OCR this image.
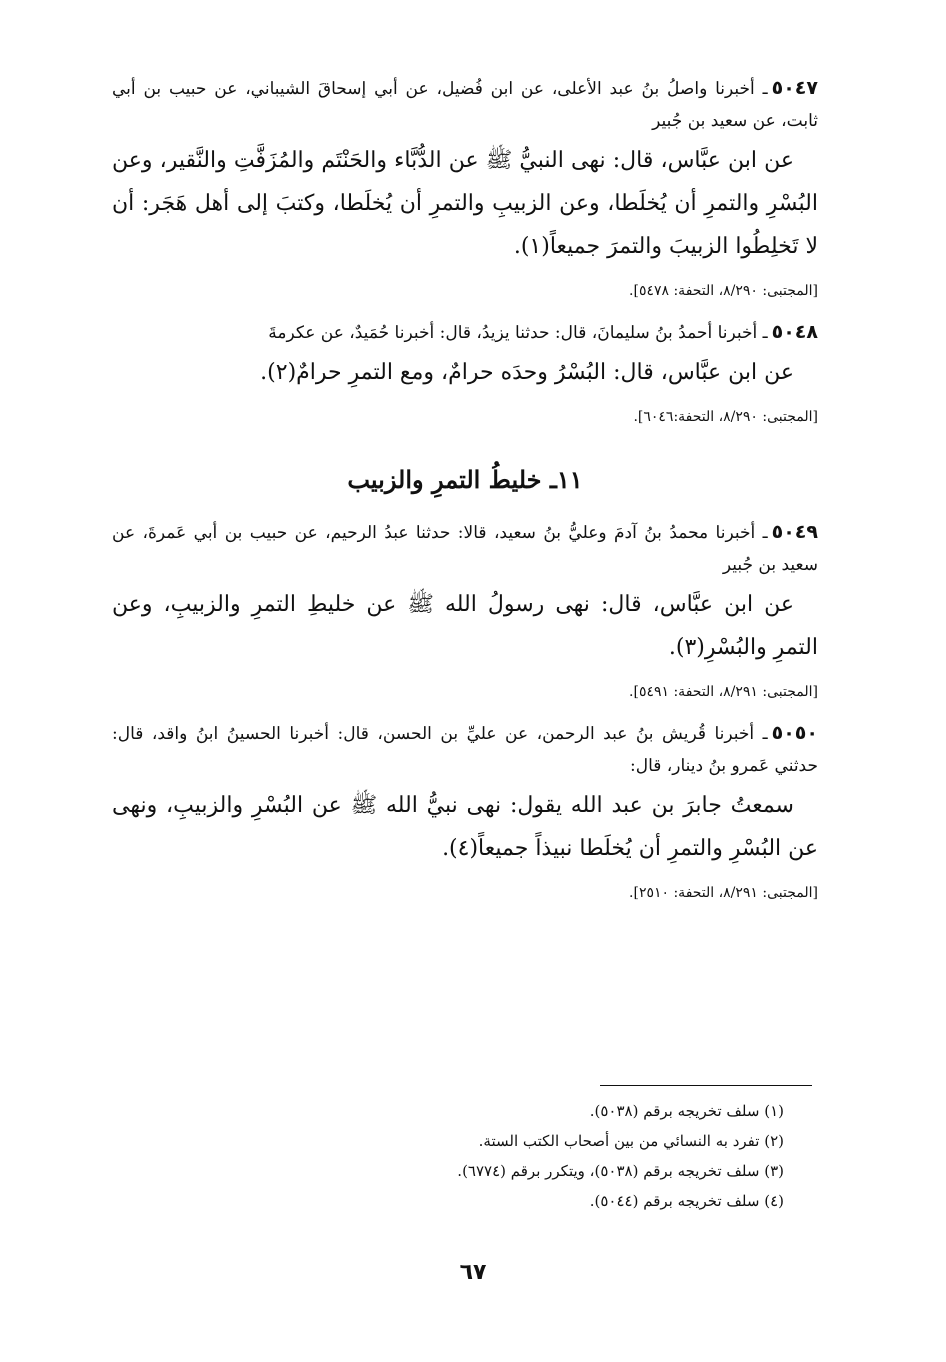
٥٠٤٧ـ أخبرنا واصلُ بنُ عبد الأعلى، عن ابن فُضيل، عن أبي إسحاقَ الشيباني، عن حبيب بن أبي ثابت، عن سعيد بن جُبير

عن ابن عبَّاس، قال: نهى النبيُّ ﷺ عن الدُّبَّاء والحَنْتَم والمُزَفَّتِ والنَّقير، وعن البُسْرِ والتمرِ أن يُخلَطا، وعن الزبيبِ والتمرِ أن يُخلَطا، وكتبَ إلى أهل هَجَر: أن لا تَخلِطُوا الزبيبَ والتمرَ جميعاً(١).

[المجتبى: ٨/٢٩٠، التحفة: ٥٤٧٨].

٥٠٤٨ـ أخبرنا أحمدُ بنُ سليمانَ، قال: حدثنا يزيدُ، قال: أخبرنا حُمَيدٌ، عن عكرمةَ

عن ابن عبَّاس، قال: البُسْرُ وحدَه حرامٌ، ومع التمرِ حرامٌ(٢).

[المجتبى: ٨/٢٩٠، التحفة:٦٠٤٦].

١١ـ خليطُ التمرِ والزبيب

٥٠٤٩ـ أخبرنا محمدُ بنُ آدمَ وعليُّ بنُ سعيد، قالا: حدثنا عبدُ الرحيم، عن حبيب بن أبي عَمرةَ، عن سعيد بن جُبير

عن ابن عبَّاس، قال: نهى رسولُ الله ﷺ عن خليطِ التمرِ والزبيبِ، وعن التمرِ والبُسْرِ(٣).

[المجتبى: ٨/٢٩١، التحفة: ٥٤٩١].

٥٠٥٠ـ أخبرنا قُريش بنُ عبد الرحمن، عن عليِّ بن الحسن، قال: أخبرنا الحسينُ ابنُ واقد، قال: حدثني عَمرو بنُ دينار، قال:

سمعتُ جابرَ بن عبد الله يقول: نهى نبيُّ الله ﷺ عن البُسْرِ والزبيبِ، ونهى عن البُسْرِ والتمرِ أن يُخلَطا نبيذاً جميعاً(٤).

[المجتبى: ٨/٢٩١، التحفة: ٢٥١٠].

(١) سلف تخريجه برقم (٥٠٣٨).

(٢) تفرد به النسائي من بين أصحاب الكتب الستة.

(٣) سلف تخريجه برقم (٥٠٣٨)، ويتكرر برقم (٦٧٧٤).

(٤) سلف تخريجه برقم (٥٠٤٤).

٦٧
